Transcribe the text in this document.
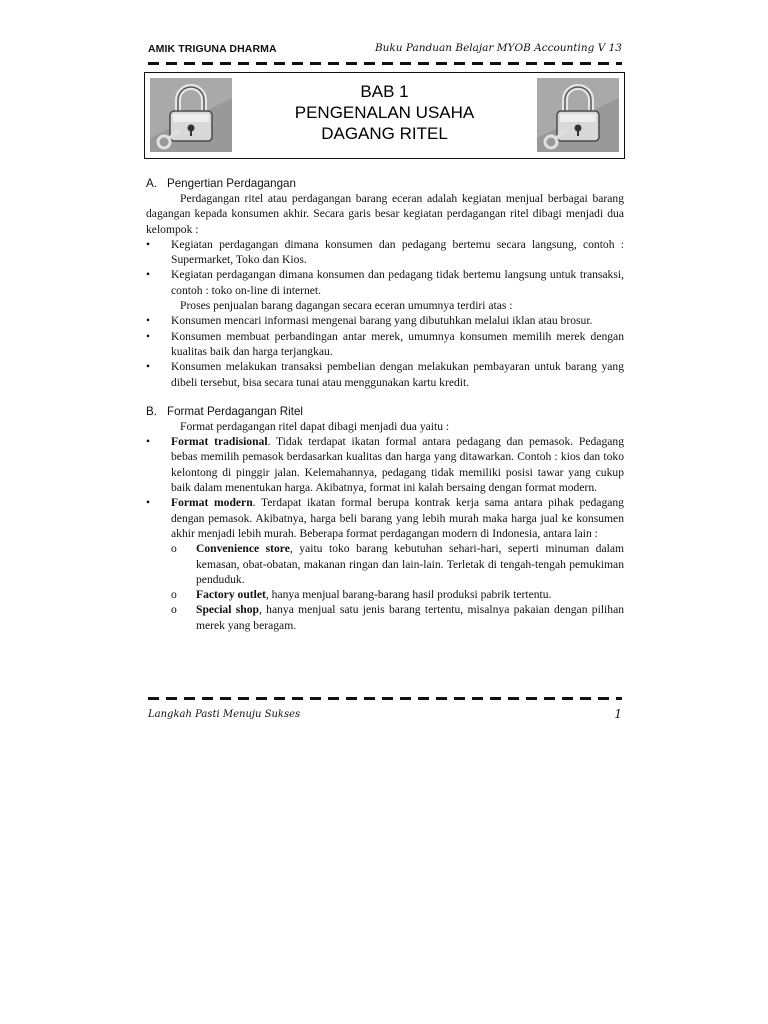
AMIK TRIGUNA DHARMA	Buku Panduan Belajar MYOB Accounting V 13
BAB 1
PENGENALAN USAHA
DAGANG RITEL

A. Pengertian Perdagangan

Perdagangan ritel atau perdagangan barang eceran adalah kegiatan menjual berbagai barang dagangan kepada konsumen akhir. Secara garis besar kegiatan perdagangan ritel dibagi menjadi dua kelompok :

•	Kegiatan perdagangan dimana konsumen dan pedagang bertemu secara langsung, contoh : Supermarket, Toko dan Kios.
•	Kegiatan perdagangan dimana konsumen dan pedagang tidak bertemu langsung untuk transaksi, contoh : toko on-line di internet.

Proses penjualan barang dagangan secara eceran umumnya terdiri atas :

•	Konsumen mencari informasi mengenai barang yang dibutuhkan melalui iklan atau brosur.
•	Konsumen membuat perbandingan antar merek, umumnya konsumen memilih merek dengan kualitas baik dan harga terjangkau.
•	Konsumen melakukan transaksi pembelian dengan melakukan pembayaran untuk barang yang dibeli tersebut, bisa secara tunai atau menggunakan kartu kredit.

B. Format Perdagangan Ritel

Format perdagangan ritel dapat dibagi menjadi dua yaitu :

•	Format tradisional. Tidak terdapat ikatan formal antara pedagang dan pemasok. Pedagang bebas memilih pemasok berdasarkan kualitas dan harga yang ditawarkan. Contoh : kios dan toko kelontong di pinggir jalan. Kelemahannya, pedagang tidak memiliki posisi tawar yang cukup baik dalam menentukan harga. Akibatnya, format ini kalah bersaing dengan format modern.
•	Format modern. Terdapat ikatan formal berupa kontrak kerja sama antara pihak pedagang dengan pemasok. Akibatnya, harga beli barang yang lebih murah maka harga jual ke konsumen akhir menjadi lebih murah. Beberapa format perdagangan modern di Indonesia, antara lain :
o Convenience store, yaitu toko barang kebutuhan sehari-hari, seperti minuman dalam kemasan, obat-obatan, makanan ringan dan lain-lain. Terletak di tengah-tengah pemukiman penduduk.
o Factory outlet, hanya menjual barang-barang hasil produksi pabrik tertentu.
o Special shop, hanya menjual satu jenis barang tertentu, misalnya pakaian dengan pilihan merek yang beragam.
Langkah Pasti Menuju Sukses	1
